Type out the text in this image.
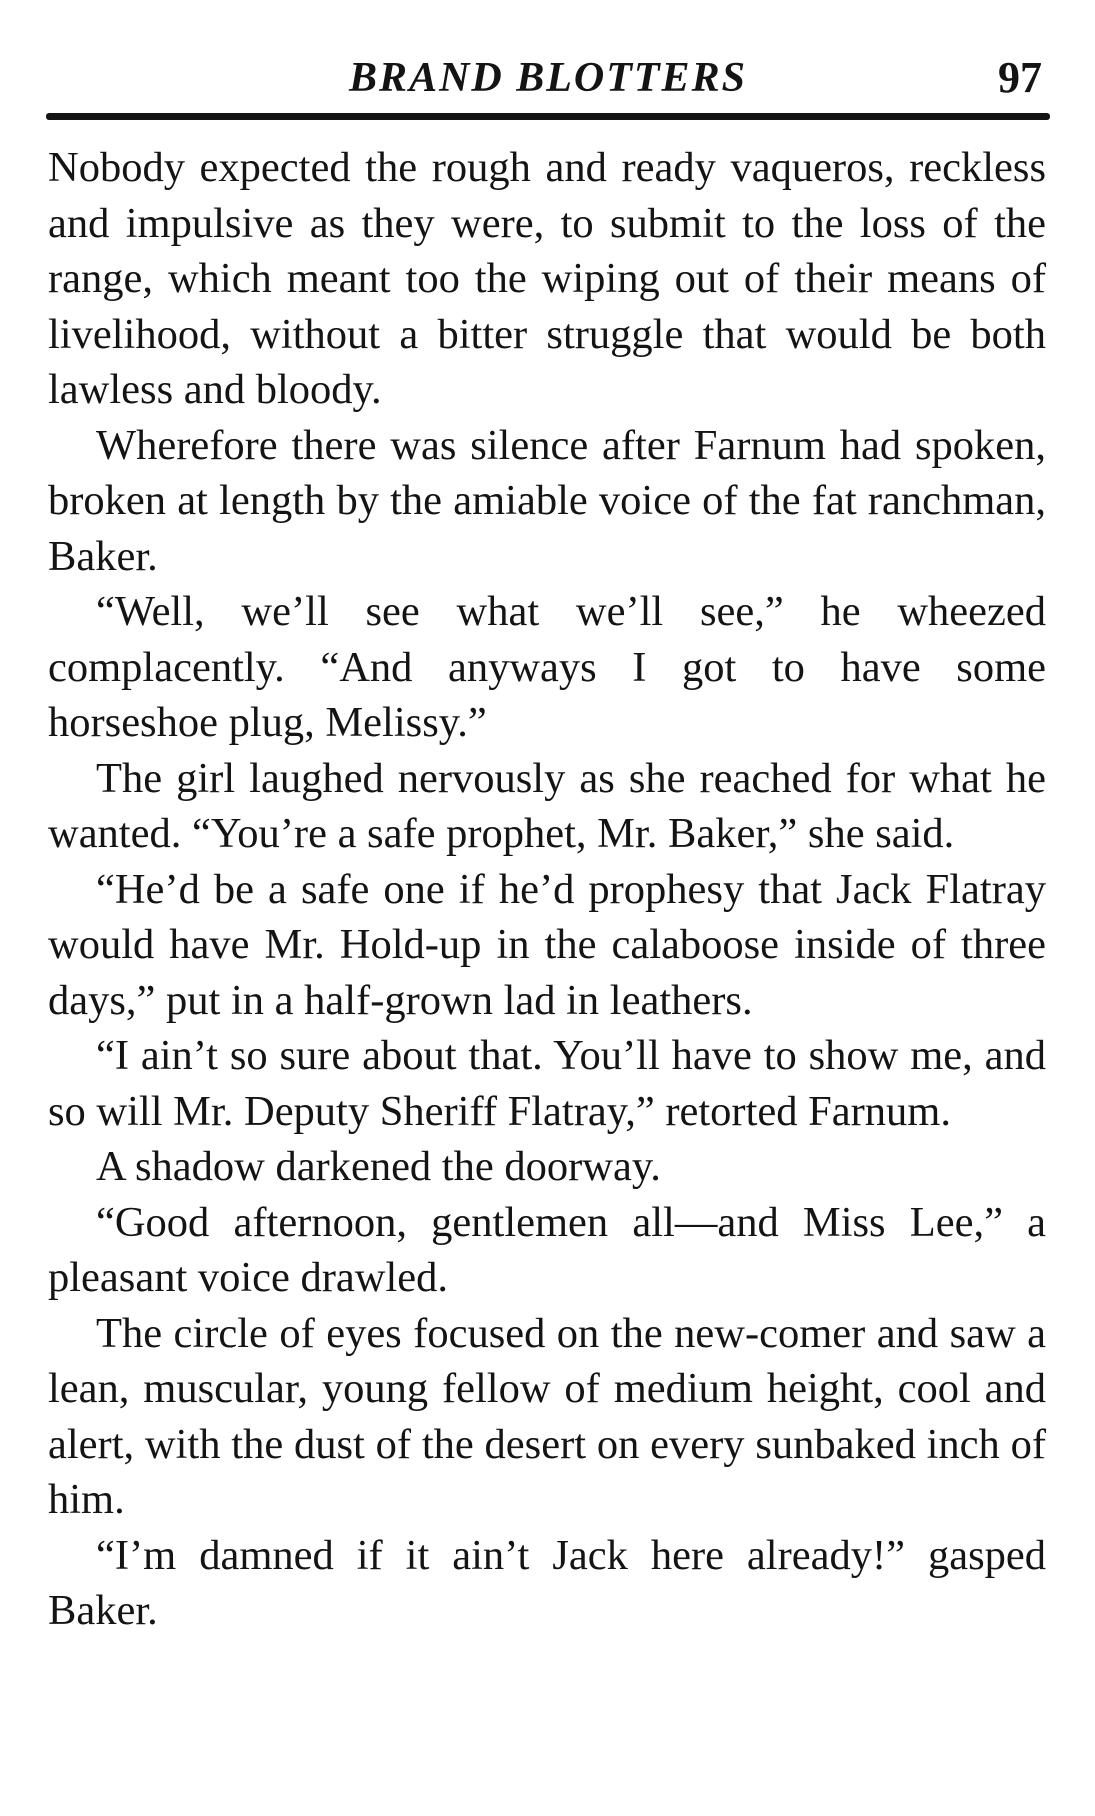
BRAND BLOTTERS	97

Nobody expected the rough and ready vaqueros, reckless and impulsive as they were, to submit to the loss of the range, which meant too the wiping out of their means of livelihood, without a bitter struggle that would be both lawless and bloody.

Wherefore there was silence after Farnum had spoken, broken at length by the amiable voice of the fat ranchman, Baker.

“Well, we’ll see what we’ll see,” he wheezed complacently. “And anyways I got to have some horseshoe plug, Melissy.”

The girl laughed nervously as she reached for what he wanted. “You’re a safe prophet, Mr. Baker,” she said.

“He’d be a safe one if he’d prophesy that Jack Flatray would have Mr. Hold-up in the calaboose inside of three days,” put in a half-grown lad in leathers.

“I ain’t so sure about that. You’ll have to show me, and so will Mr. Deputy Sheriff Flatray,” retorted Farnum.

A shadow darkened the doorway.

“Good afternoon, gentlemen all—and Miss Lee,” a pleasant voice drawled.

The circle of eyes focused on the new-comer and saw a lean, muscular, young fellow of medium height, cool and alert, with the dust of the desert on every sunbaked inch of him.

“I’m damned if it ain’t Jack here already!” gasped Baker.
